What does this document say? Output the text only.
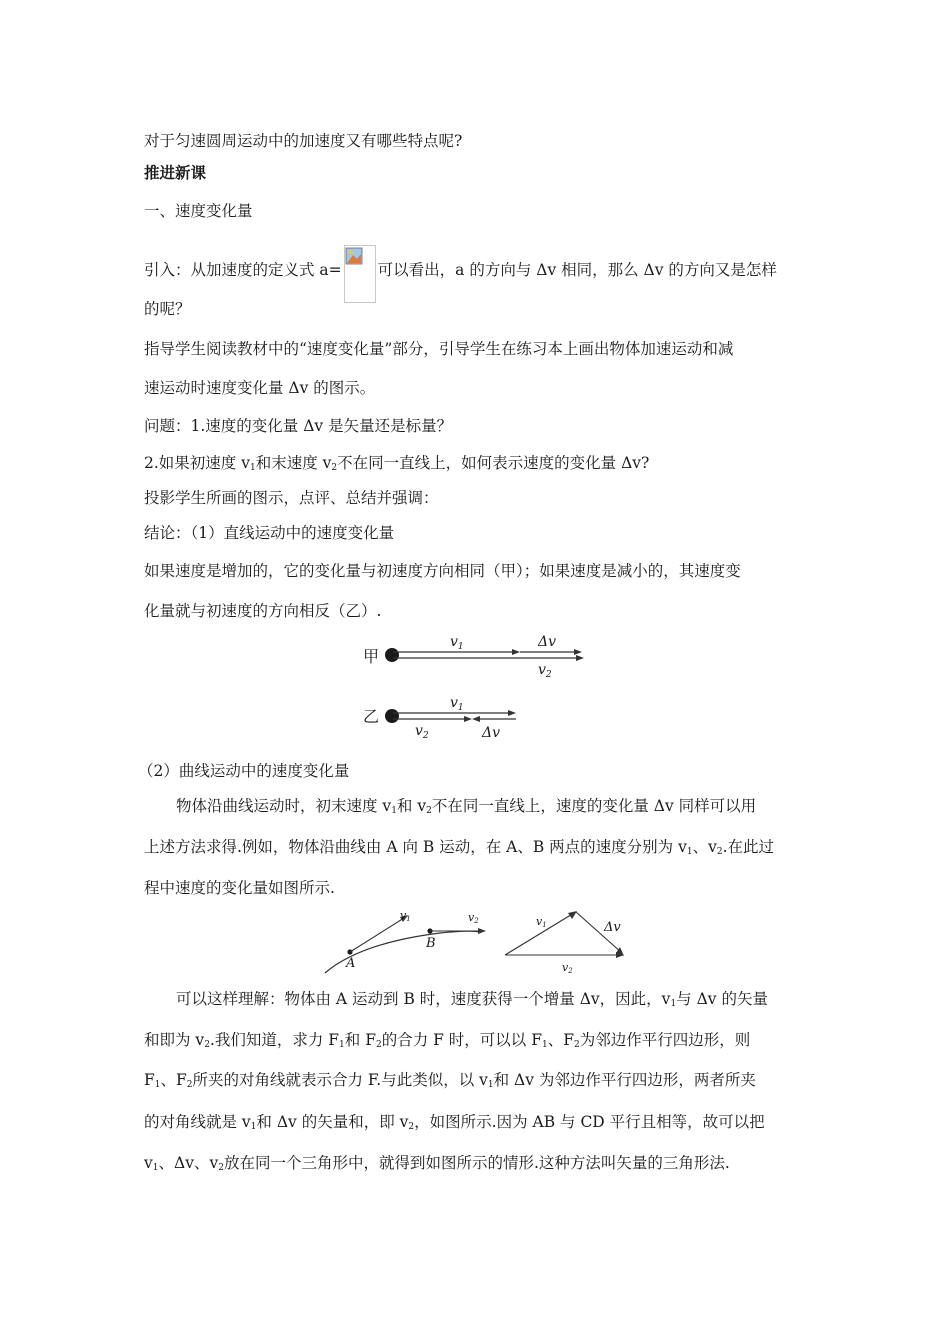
对于匀速圆周运动中的加速度又有哪些特点呢?
推进新课
一、速度变化量
引入：从加速度的定义式 a= 可以看出，a 的方向与 Δv 相同，那么 Δv 的方向又是怎样
的呢？
指导学生阅读教材中的“速度变化量”部分，引导学生在练习本上画出物体加速运动和减
速运动时速度变化量 Δv 的图示。
问题：1.速度的变化量 Δv 是矢量还是标量？
2.如果初速度 $v_1$和末速度 $v_2$不在同一直线上，如何表示速度的变化量 Δv?
投影学生所画的图示，点评、总结并强调：
结论：（1）直线运动中的速度变化量
如果速度是增加的，它的变化量与初速度方向相同（甲）；如果速度是减小的，其速度变
化量就与初速度的方向相反（乙）.
甲
$v_1$	Δv
$v_2$
乙
$v_1$
$v_2$	Δv
（2）曲线运动中的速度变化量
物体沿曲线运动时，初末速度 $v_1$和 $v_2$不在同一直线上，速度的变化量 Δv 同样可以用
上述方法求得.例如，物体沿曲线由 A 向 B 运动，在 A、B 两点的速度分别为 $v_1$、$v_2$.在此过
程中速度的变化量如图所示.
A
B
v1	v2	v1	Δv
v2
可以这样理解：物体由 A 运动到 B 时，速度获得一个增量 Δv，因此，$v_1$与 Δv 的矢量
和即为 $v_2$.我们知道，求力 $F_1$和 $F_2$的合力 F 时，可以以 $F_1$、$F_2$为邻边作平行四边形，则
$F_1$、$F_2$所夹的对角线就表示合力 F.与此类似，以 $v_1$和 Δv 为邻边作平行四边形，两者所夹
的对角线就是 $v_1$和 Δv 的矢量和，即 $v_2$，如图所示.因为 AB 与 CD 平行且相等，故可以把
$v_1$、Δv、$v_2$放在同一个三角形中，就得到如图所示的情形.这种方法叫矢量的三角形法.
